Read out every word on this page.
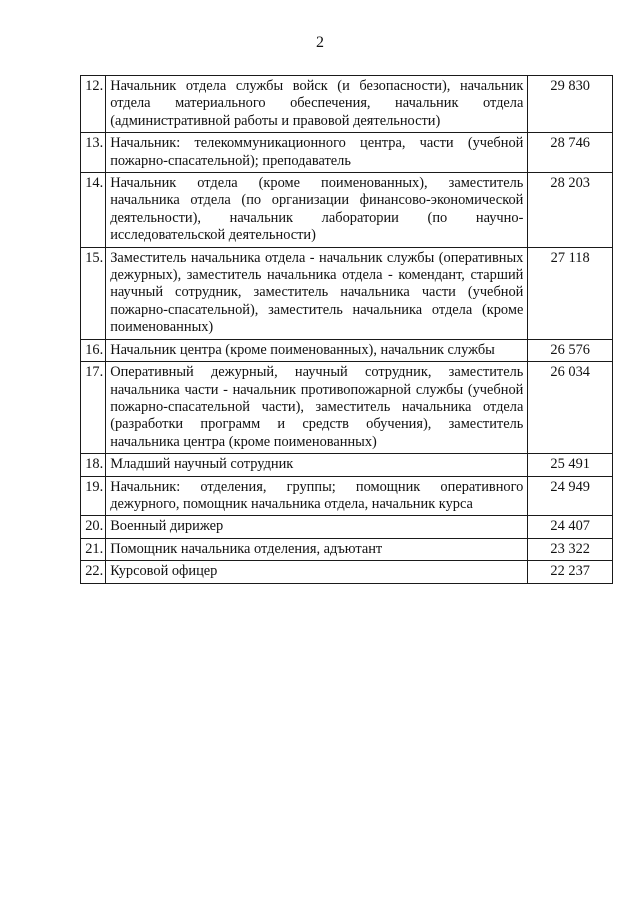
2
12.	Начальник отдела службы войск (и безопасности), начальник отдела материального обеспечения, начальник отдела (административной работы и правовой деятельности)	29 830
13.	Начальник: телекоммуникационного центра, части (учебной пожарно-спасательной); преподаватель	28 746
14.	Начальник отдела (кроме поименованных), заместитель начальника отдела (по организации финансово-экономической деятельности), начальник лаборатории (по научно-исследовательской деятельности)	28 203
15.	Заместитель начальника отдела - начальник службы (оперативных дежурных), заместитель начальника отдела - комендант, старший научный сотрудник, заместитель начальника части (учебной пожарно-спасательной), заместитель начальника отдела (кроме поименованных)	27 118
16.	Начальник центра (кроме поименованных), начальник службы	26 576
17.	Оперативный дежурный, научный сотрудник, заместитель начальника части - начальник противопожарной службы (учебной пожарно-спасательной части), заместитель начальника отдела (разработки программ и средств обучения), заместитель начальника центра (кроме поименованных)	26 034
18.	Младший научный сотрудник	25 491
19.	Начальник: отделения, группы; помощник оперативного дежурного, помощник начальника отдела, начальник курса	24 949
20.	Военный дирижер	24 407
21.	Помощник начальника отделения, адъютант	23 322
22.	Курсовой офицер	22 237
